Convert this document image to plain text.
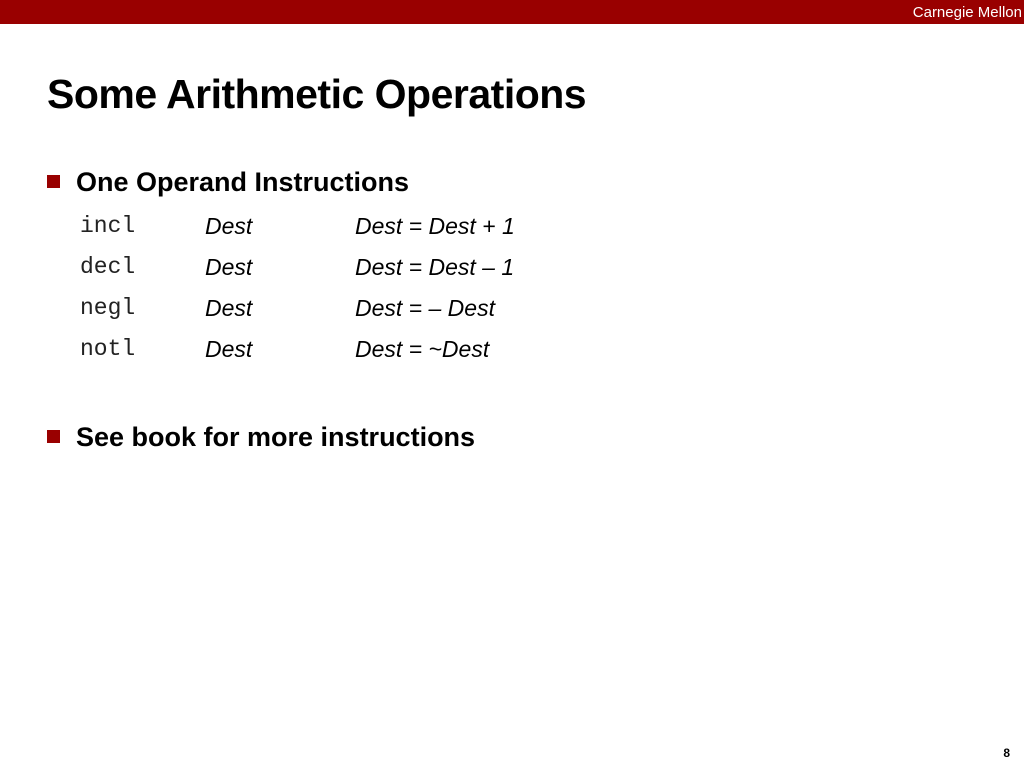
Carnegie Mellon
Some Arithmetic Operations
One Operand Instructions
incl	Dest	Dest = Dest + 1
decl	Dest	Dest = Dest – 1
negl	Dest	Dest = – Dest
notl	Dest	Dest = ~Dest
See book for more instructions
8
